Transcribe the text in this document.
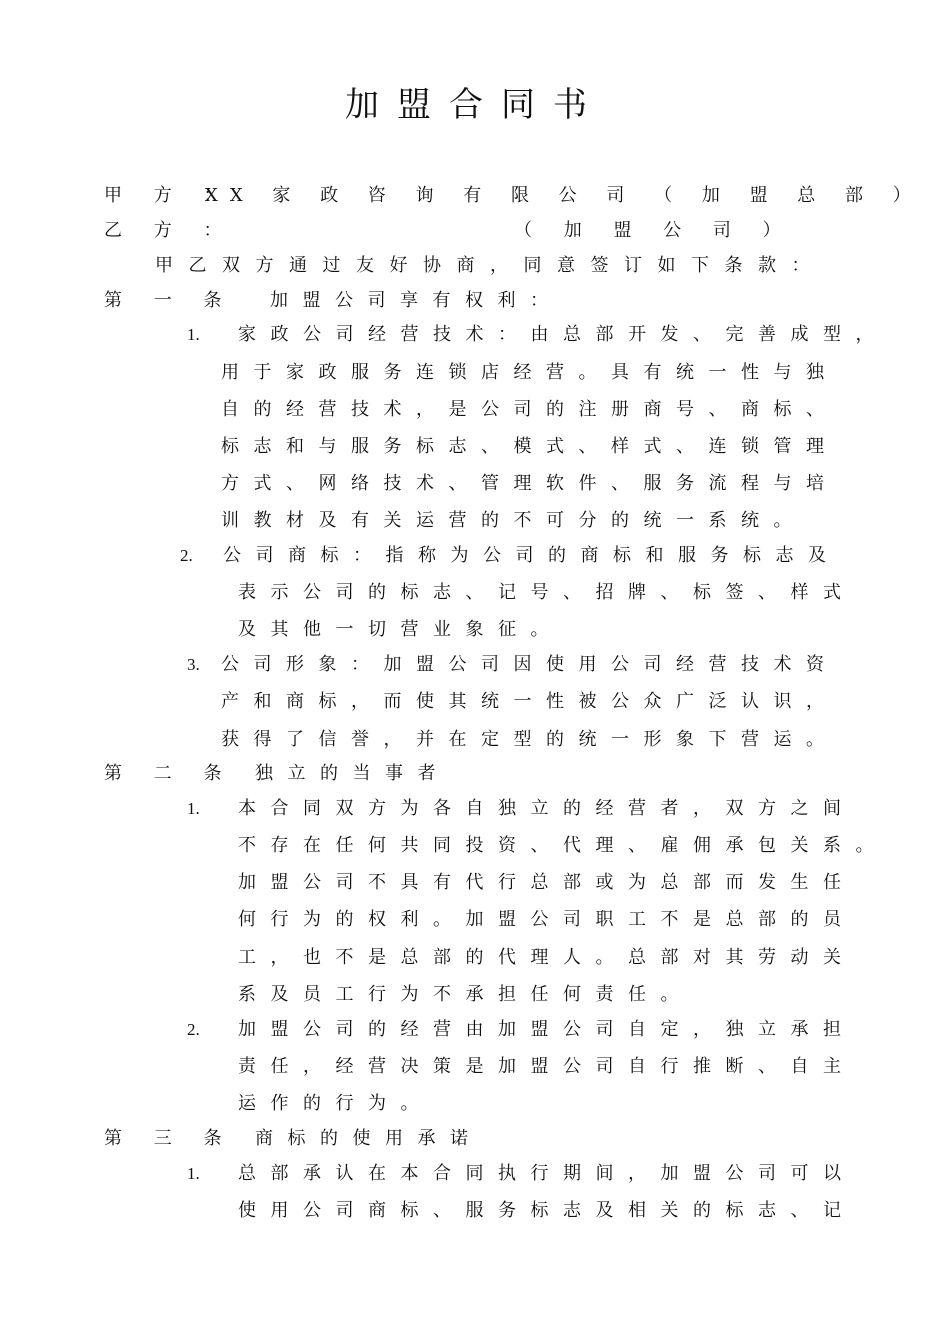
加盟合同书
甲 方 ：
XX 家 政 咨 询 有 限 公 司 （ 加 盟 总 部 ）
乙 方 ：	（ 加 盟 公 司 ）
甲乙双方通过友好协商，同意签订如下条款：
第 一 条 加盟公司享有权利：
1. 家政公司经营技术：由总部开发、完善成型，
用于家政服务连锁店经营。具有统一性与独
自的经营技术，是公司的注册商号、商标、
标志和与服务标志、模式、样式、连锁管理
方式、网络技术、管理软件、服务流程与培
训教材及有关运营的不可分的统一系统。
2. 公司商标：指称为公司的商标和服务标志及
表示公司的标志、记号、招牌、标签、样式
及其他一切营业象征。
3. 公司形象：加盟公司因使用公司经营技术资
产和商标，而使其统一性被公众广泛认识，
获得了信誉，并在定型的统一形象下营运。
第 二 条 独立的当事者
1. 本合同双方为各自独立的经营者，双方之间
不存在任何共同投资、代理、雇佣承包关系。
加盟公司不具有代行总部或为总部而发生任
何行为的权利。加盟公司职工不是总部的员
工，也不是总部的代理人。总部对其劳动关
系及员工行为不承担任何责任。
2. 加盟公司的经营由加盟公司自定，独立承担
责任，经营决策是加盟公司自行推断、自主
运作的行为。
第 三 条 商标的使用承诺
1. 总部承认在本合同执行期间，加盟公司可以
使用公司商标、服务标志及相关的标志、记
